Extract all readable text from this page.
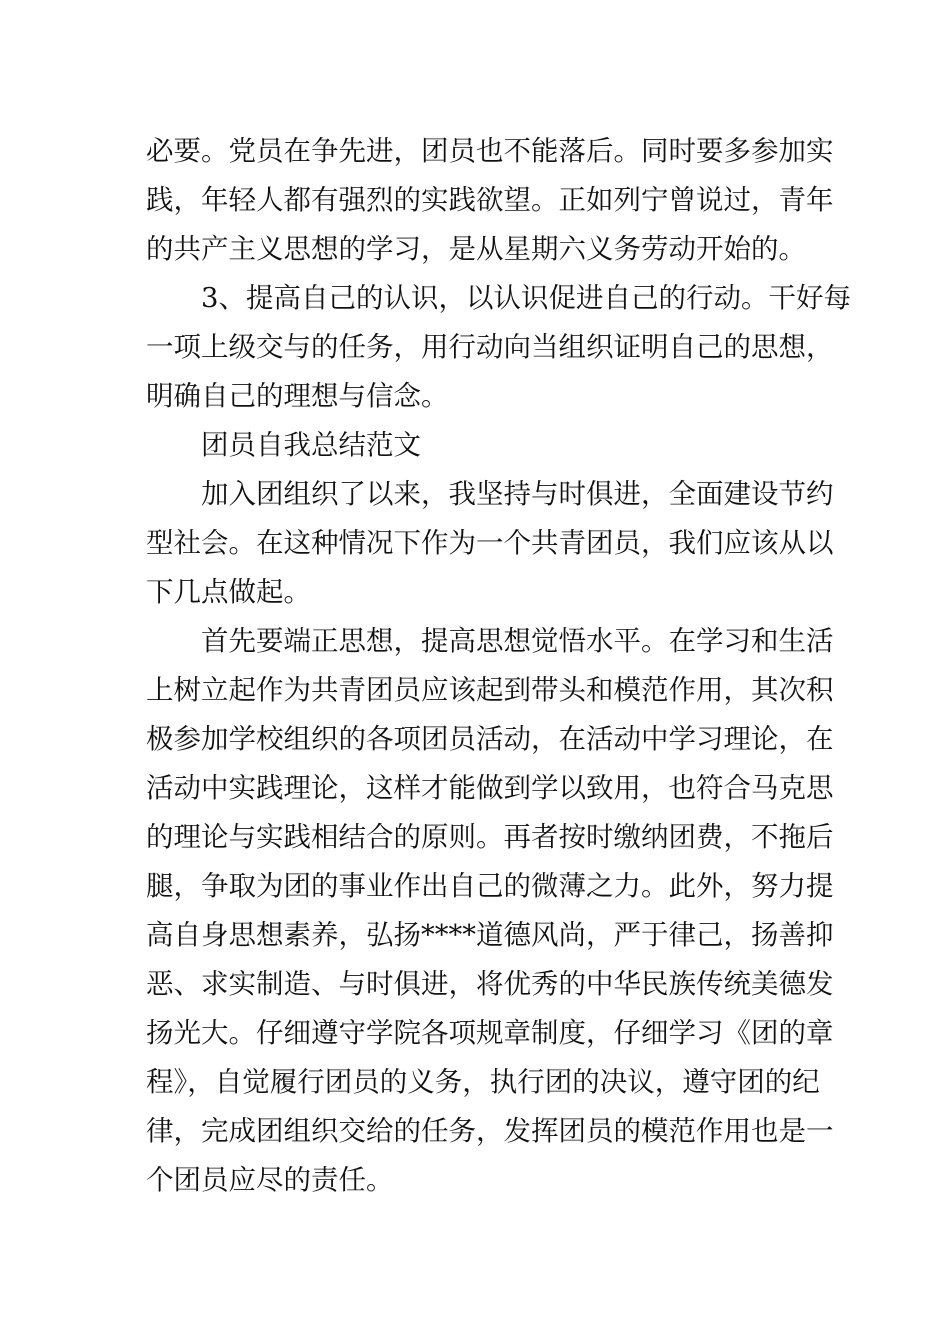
必要。党员在争先进，团员也不能落后。同时要多参加实
践，年轻人都有强烈的实践欲望。正如列宁曾说过，青年
的共产主义思想的学习，是从星期六义务劳动开始的。
3、提高自己的认识，以认识促进自己的行动。干好每
一项上级交与的任务，用行动向当组织证明自己的思想，
明确自己的理想与信念。
团员自我总结范文
加入团组织了以来，我坚持与时俱进，全面建设节约
型社会。在这种情况下作为一个共青团员，我们应该从以
下几点做起。
首先要端正思想，提高思想觉悟水平。在学习和生活
上树立起作为共青团员应该起到带头和模范作用，其次积
极参加学校组织的各项团员活动，在活动中学习理论，在
活动中实践理论，这样才能做到学以致用，也符合马克思
的理论与实践相结合的原则。再者按时缴纳团费，不拖后
腿，争取为团的事业作出自己的微薄之力。此外，努力提
高自身思想素养，弘扬****道德风尚，严于律己，扬善抑
恶、求实制造、与时俱进，将优秀的中华民族传统美德发
扬光大。仔细遵守学院各项规章制度，仔细学习《团的章
程》，自觉履行团员的义务，执行团的决议，遵守团的纪
律，完成团组织交给的任务，发挥团员的模范作用也是一
个团员应尽的责任。
